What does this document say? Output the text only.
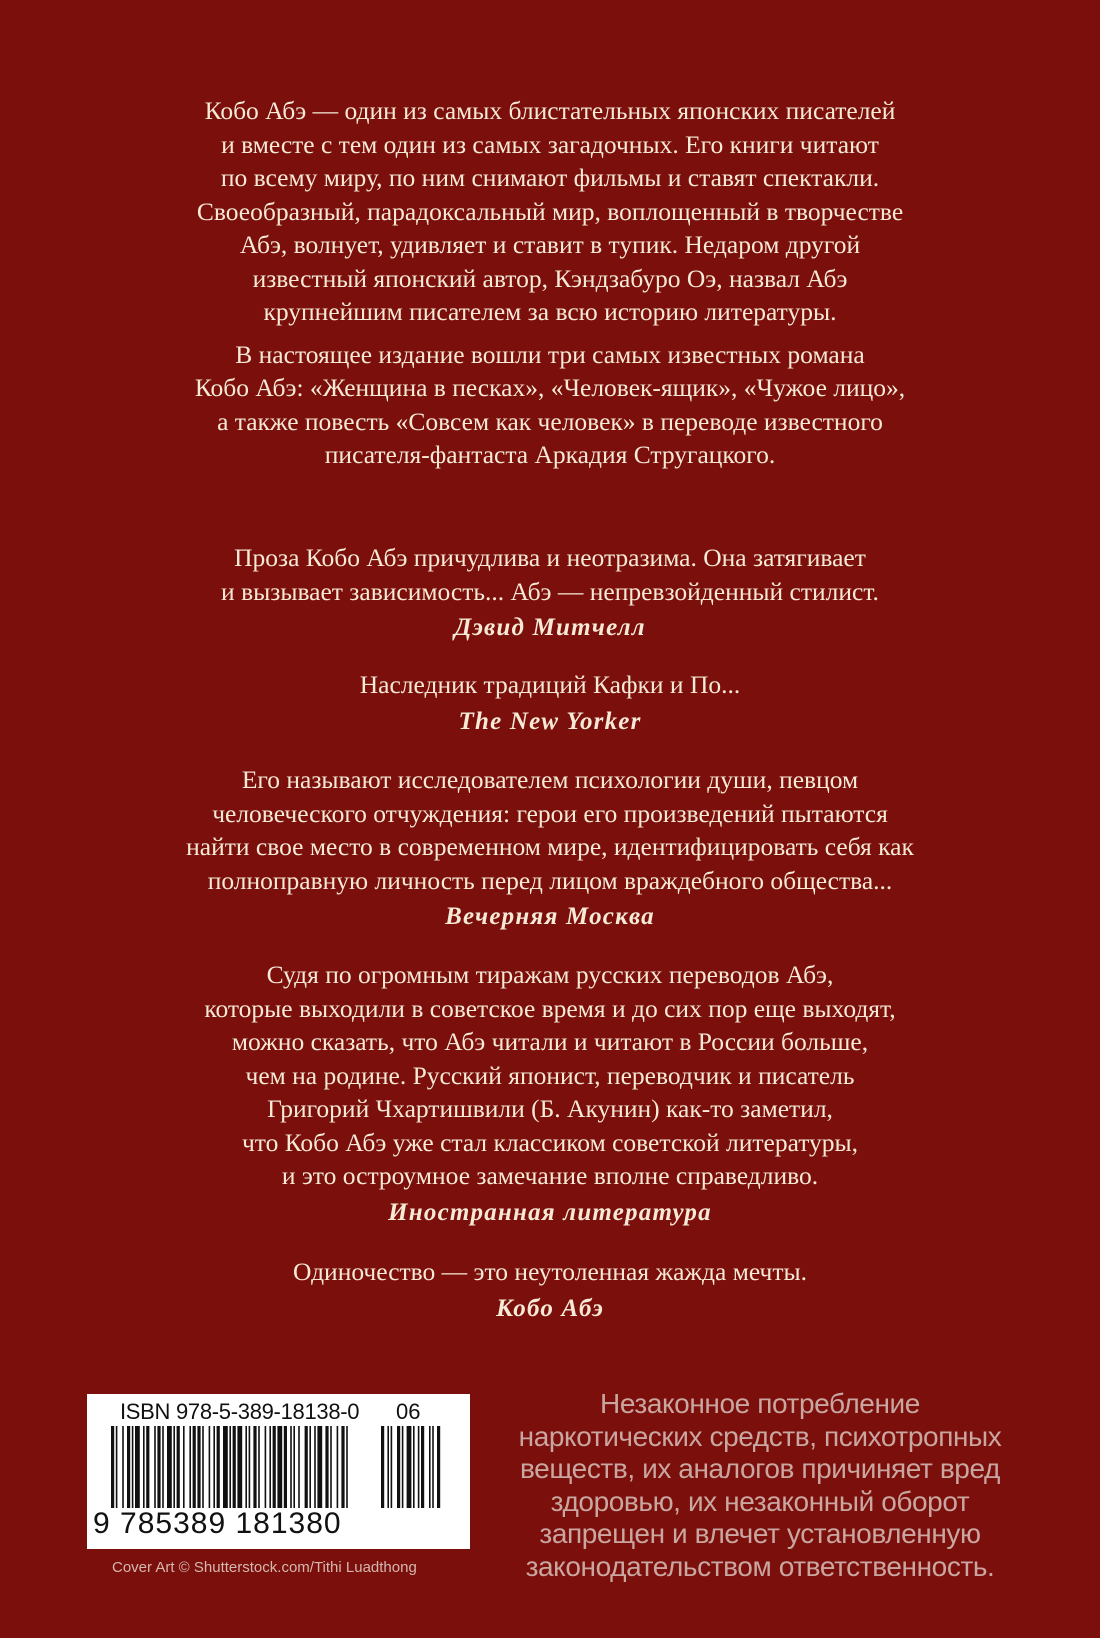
Кобо Абэ — один из самых блистательных японских писателей
и вместе с тем один из самых загадочных. Его книги читают
по всему миру, по ним снимают фильмы и ставят спектакли.
Своеобразный, парадоксальный мир, воплощенный в творчестве
Абэ, волнует, удивляет и ставит в тупик. Недаром другой
известный японский автор, Кэндзабуро Оэ, назвал Абэ
крупнейшим писателем за всю историю литературы.

В настоящее издание вошли три самых известных романа
Кобо Абэ: «Женщина в песках», «Человек-ящик», «Чужое лицо»,
а также повесть «Совсем как человек» в переводе известного
писателя-фантаста Аркадия Стругацкого.

Проза Кобо Абэ причудлива и неотразима. Она затягивает
и вызывает зависимость... Абэ — непревзойденный стилист.

Дэвид Митчелл

Наследник традиций Кафки и По...

The New Yorker

Его называют исследователем психологии души, певцом
человеческого отчуждения: герои его произведений пытаются
найти свое место в современном мире, идентифицировать себя как
полноправную личность перед лицом враждебного общества...

Вечерняя Москва

Судя по огромным тиражам русских переводов Абэ,
которые выходили в советское время и до сих пор еще выходят,
можно сказать, что Абэ читали и читают в России больше,
чем на родине. Русский японист, переводчик и писатель
Григорий Чхартишвили (Б. Акунин) как-то заметил,
что Кобо Абэ уже стал классиком советской литературы,
и это остроумное замечание вполне справедливо.

Иностранная литература

Одиночество — это неутоленная жажда мечты.

Кобо Абэ
ISBN 978-5-389-18138-0 06
9 785389 181380
Cover Art © Shutterstock.com/Tithi Luadthong
Незаконное потребление
наркотических средств, психотропных
веществ, их аналогов причиняет вред
здоровью, их незаконный оборот
запрещен и влечет установленную
законодательством ответственность.
